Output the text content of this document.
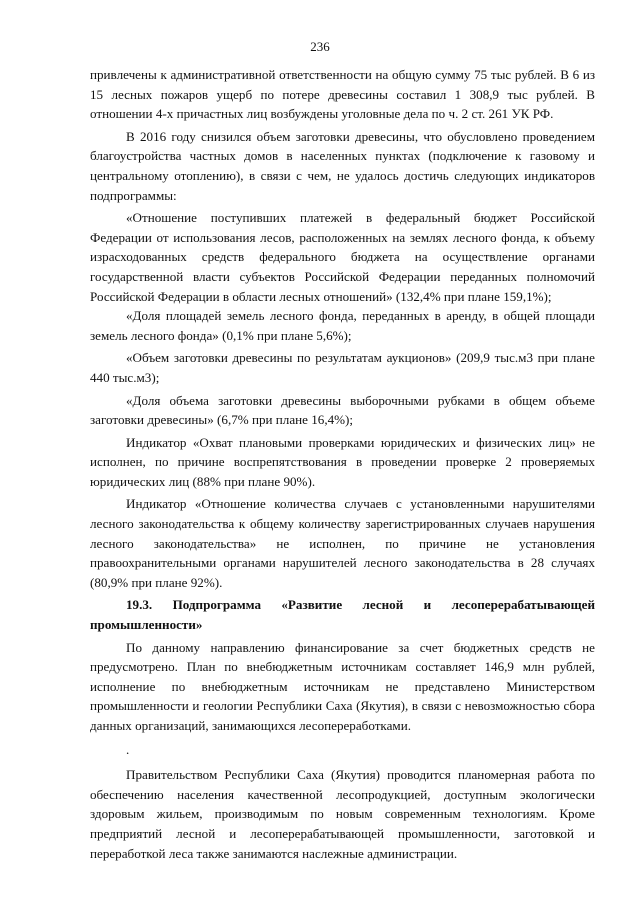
236

привлечены к административной ответственности на общую сумму 75 тыс рублей. В 6 из 15 лесных пожаров ущерб по потере древесины составил 1 308,9 тыс рублей. В отношении 4-х причастных лиц возбуждены уголовные дела по ч. 2 ст. 261 УК РФ.

В 2016 году снизился объем заготовки древесины, что обусловлено проведением благоустройства частных домов в населенных пунктах (подключение к газовому и центральному отоплению), в связи с чем, не удалось достичь следующих индикаторов подпрограммы:

«Отношение поступивших платежей в федеральный бюджет Российской Федерации от использования лесов, расположенных на землях лесного фонда, к объему израсходованных средств федерального бюджета на осуществление органами государственной власти субъектов Российской Федерации переданных полномочий Российской Федерации в области лесных отношений» (132,4% при плане 159,1%);

«Доля площадей земель лесного фонда, переданных в аренду, в общей площади земель лесного фонда» (0,1% при плане 5,6%);

«Объем заготовки древесины по результатам аукционов» (209,9 тыс.м3 при плане 440 тыс.м3);

«Доля объема заготовки древесины выборочными рубками в общем объеме заготовки древесины» (6,7% при плане 16,4%);

Индикатор «Охват плановыми проверками юридических и физических лиц» не исполнен, по причине воспрепятствования в проведении проверке 2 проверяемых юридических лиц (88% при плане 90%).

Индикатор «Отношение количества случаев с установленными нарушителями лесного законодательства к общему количеству зарегистрированных случаев нарушения лесного законодательства» не исполнен, по причине не установления правоохранительными органами нарушителей лесного законодательства в 28 случаях (80,9% при плане 92%).

19.3. Подпрограмма «Развитие лесной и лесоперерабатывающей

промышленности»

По данному направлению финансирование за счет бюджетных средств не предусмотрено. План по внебюджетным источникам составляет 146,9 млн рублей, исполнение по внебюджетным источникам не представлено Министерством промышленности и геологии Республики Саха (Якутия), в связи с невозможностью сбора данных организаций, занимающихся лесопереработками.

.

Правительством Республики Саха (Якутия) проводится планомерная работа по обеспечению населения качественной лесопродукцией, доступным экологически здоровым жильем, производимым по новым современным технологиям. Кроме предприятий лесной и лесоперерабатывающей промышленности, заготовкой и переработкой леса также занимаются наслежные администрации.
